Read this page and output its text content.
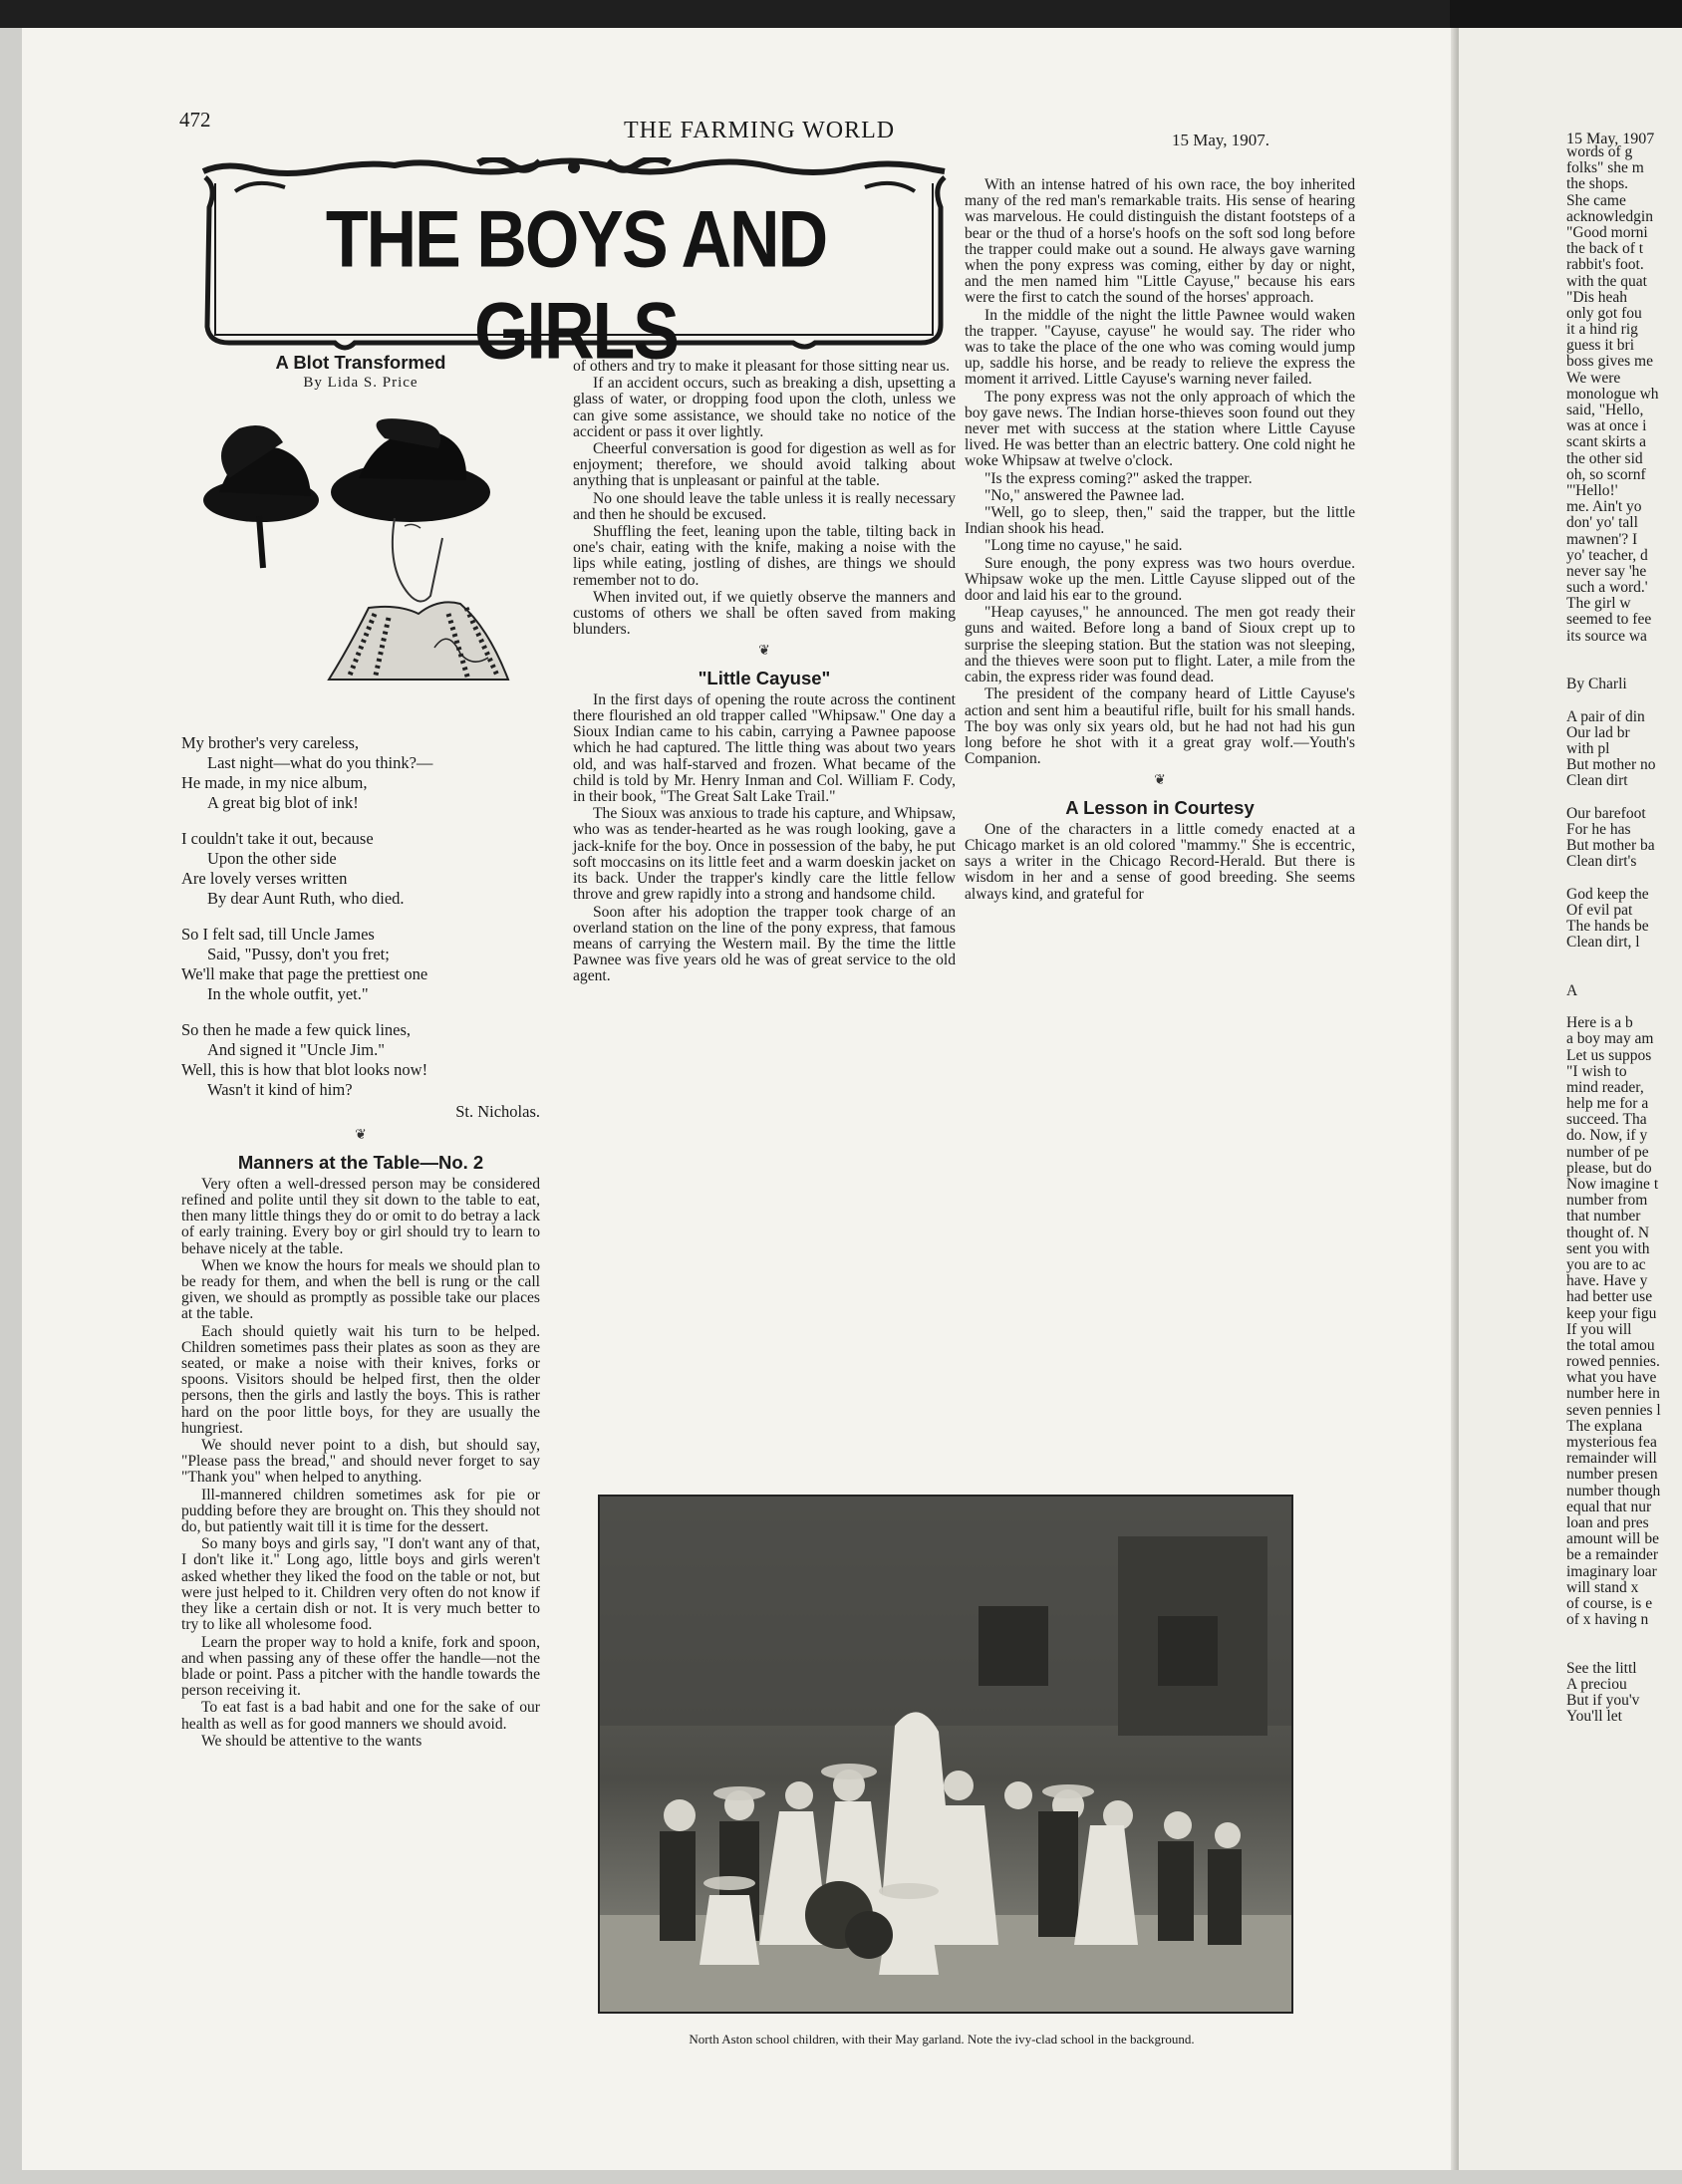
472	THE FARMING WORLD	15 May, 1907.
THE BOYS AND GIRLS
A Blot Transformed
By Lida S. Price
My brother's very careless,
Last night—what do you think?—
He made, in my nice album,
A great big blot of ink!
I couldn't take it out, because
Upon the other side
Are lovely verses written
By dear Aunt Ruth, who died.
So I felt sad, till Uncle James
Said, "Pussy, don't you fret;
We'll make that page the prettiest one
In the whole outfit, yet."
So then he made a few quick lines,
And signed it "Uncle Jim."
Well, this is how that blot looks now!
Wasn't it kind of him?
St. Nicholas.
❦
Manners at the Table—No. 2

Very often a well-dressed person may be considered refined and polite until they sit down to the table to eat, then many little things they do or omit to do betray a lack of early training. Every boy or girl should try to learn to behave nicely at the table.

When we know the hours for meals we should plan to be ready for them, and when the bell is rung or the call given, we should as promptly as possible take our places at the table.

Each should quietly wait his turn to be helped. Children sometimes pass their plates as soon as they are seated, or make a noise with their knives, forks or spoons. Visitors should be helped first, then the older persons, then the girls and lastly the boys. This is rather hard on the poor little boys, for they are usually the hungriest.

We should never point to a dish, but should say, "Please pass the bread," and should never forget to say "Thank you" when helped to anything.

Ill-mannered children sometimes ask for pie or pudding before they are brought on. This they should not do, but patiently wait till it is time for the dessert.

So many boys and girls say, "I don't want any of that, I don't like it." Long ago, little boys and girls weren't asked whether they liked the food on the table or not, but were just helped to it. Children very often do not know if they like a certain dish or not. It is very much better to try to like all wholesome food.

Learn the proper way to hold a knife, fork and spoon, and when passing any of these offer the handle—not the blade or point. Pass a pitcher with the handle towards the person receiving it.

To eat fast is a bad habit and one for the sake of our health as well as for good manners we should avoid.

We should be attentive to the wants

of others and try to make it pleasant for those sitting near us.

If an accident occurs, such as breaking a dish, upsetting a glass of water, or dropping food upon the cloth, unless we can give some assistance, we should take no notice of the accident or pass it over lightly.

Cheerful conversation is good for digestion as well as for enjoyment; therefore, we should avoid talking about anything that is unpleasant or painful at the table.

No one should leave the table unless it is really necessary and then he should be excused.

Shuffling the feet, leaning upon the table, tilting back in one's chair, eating with the knife, making a noise with the lips while eating, jostling of dishes, are things we should remember not to do.

When invited out, if we quietly observe the manners and customs of others we shall be often saved from making blunders.

❦
"Little Cayuse"

In the first days of opening the route across the continent there flourished an old trapper called "Whipsaw." One day a Sioux Indian came to his cabin, carrying a Pawnee papoose which he had captured. The little thing was about two years old, and was half-starved and frozen. What became of the child is told by Mr. Henry Inman and Col. William F. Cody, in their book, "The Great Salt Lake Trail."

The Sioux was anxious to trade his capture, and Whipsaw, who was as tender-hearted as he was rough looking, gave a jack-knife for the boy. Once in possession of the baby, he put soft moccasins on its little feet and a warm doeskin jacket on its back. Under the trapper's kindly care the little fellow throve and grew rapidly into a strong and handsome child.

Soon after his adoption the trapper took charge of an overland station on the line of the pony express, that famous means of carrying the Western mail. By the time the little Pawnee was five years old he was of great service to the old agent.

With an intense hatred of his own race, the boy inherited many of the red man's remarkable traits. His sense of hearing was marvelous. He could distinguish the distant footsteps of a bear or the thud of a horse's hoofs on the soft sod long before the trapper could make out a sound. He always gave warning when the pony express was coming, either by day or night, and the men named him "Little Cayuse," because his ears were the first to catch the sound of the horses' approach.

In the middle of the night the little Pawnee would waken the trapper. "Cayuse, cayuse" he would say. The rider who was to take the place of the one who was coming would jump up, saddle his horse, and be ready to relieve the express the moment it arrived. Little Cayuse's warning never failed.

The pony express was not the only approach of which the boy gave news. The Indian horse-thieves soon found out they never met with success at the station where Little Cayuse lived. He was better than an electric battery. One cold night he woke Whipsaw at twelve o'clock.

"Is the express coming?" asked the trapper.

"No," answered the Pawnee lad.

"Well, go to sleep, then," said the trapper, but the little Indian shook his head.

"Long time no cayuse," he said.

Sure enough, the pony express was two hours overdue. Whipsaw woke up the men. Little Cayuse slipped out of the door and laid his ear to the ground.

"Heap cayuses," he announced. The men got ready their guns and waited. Before long a band of Sioux crept up to surprise the sleeping station. But the station was not sleeping, and the thieves were soon put to flight. Later, a mile from the cabin, the express rider was found dead.

The president of the company heard of Little Cayuse's action and sent him a beautiful rifle, built for his small hands. The boy was only six years old, but he had not had his gun long before he shot with it a great gray wolf.—Youth's Companion.

❦
A Lesson in Courtesy

One of the characters in a little comedy enacted at a Chicago market is an old colored "mammy." She is eccentric, says a writer in the Chicago Record-Herald. But there is wisdom in her and a sense of good breeding. She seems always kind, and grateful for

North Aston school children, with their May garland. Note the ivy-clad school in the background.
15 May, 1907
words of g
folks" she m
the shops.
She came
acknowledgin
"Good morni
the back of t
rabbit's foot.
with the quat
"Dis heah
only got fou
it a hind rig
guess it bri
boss gives me
We were
monologue wh
said, "Hello,
was at once i
scant skirts a
the other sid
oh, so scornf
"'Hello!'
me. Ain't yo
don' yo' tall
mawnen'? I
yo' teacher, d
never say 'he
such a word.'
The girl w
seemed to fee
its source wa
By Charli
A pair of din
Our lad br
with pl
But mother no
Clean dirt
Our barefoot
For he has
But mother ba
Clean dirt's
God keep the
Of evil pat
The hands be
Clean dirt, l
A
Here is a b
a boy may am
Let us suppos
"I wish to
mind reader,
help me for a
succeed. Tha
do. Now, if y
number of pe
please, but do
Now imagine t
number from
that number
thought of. N
sent you with
you are to ac
have. Have y
had better use
keep your figu
If you will
the total amou
rowed pennies.
what you have
number here in
seven pennies l
The explana
mysterious fea
remainder will
number presen
number though
equal that nur
loan and pres
amount will be
be a remainder
imaginary loar
will stand x
of course, is e
of x having n
See the littl
A preciou
But if you'v
You'll let
